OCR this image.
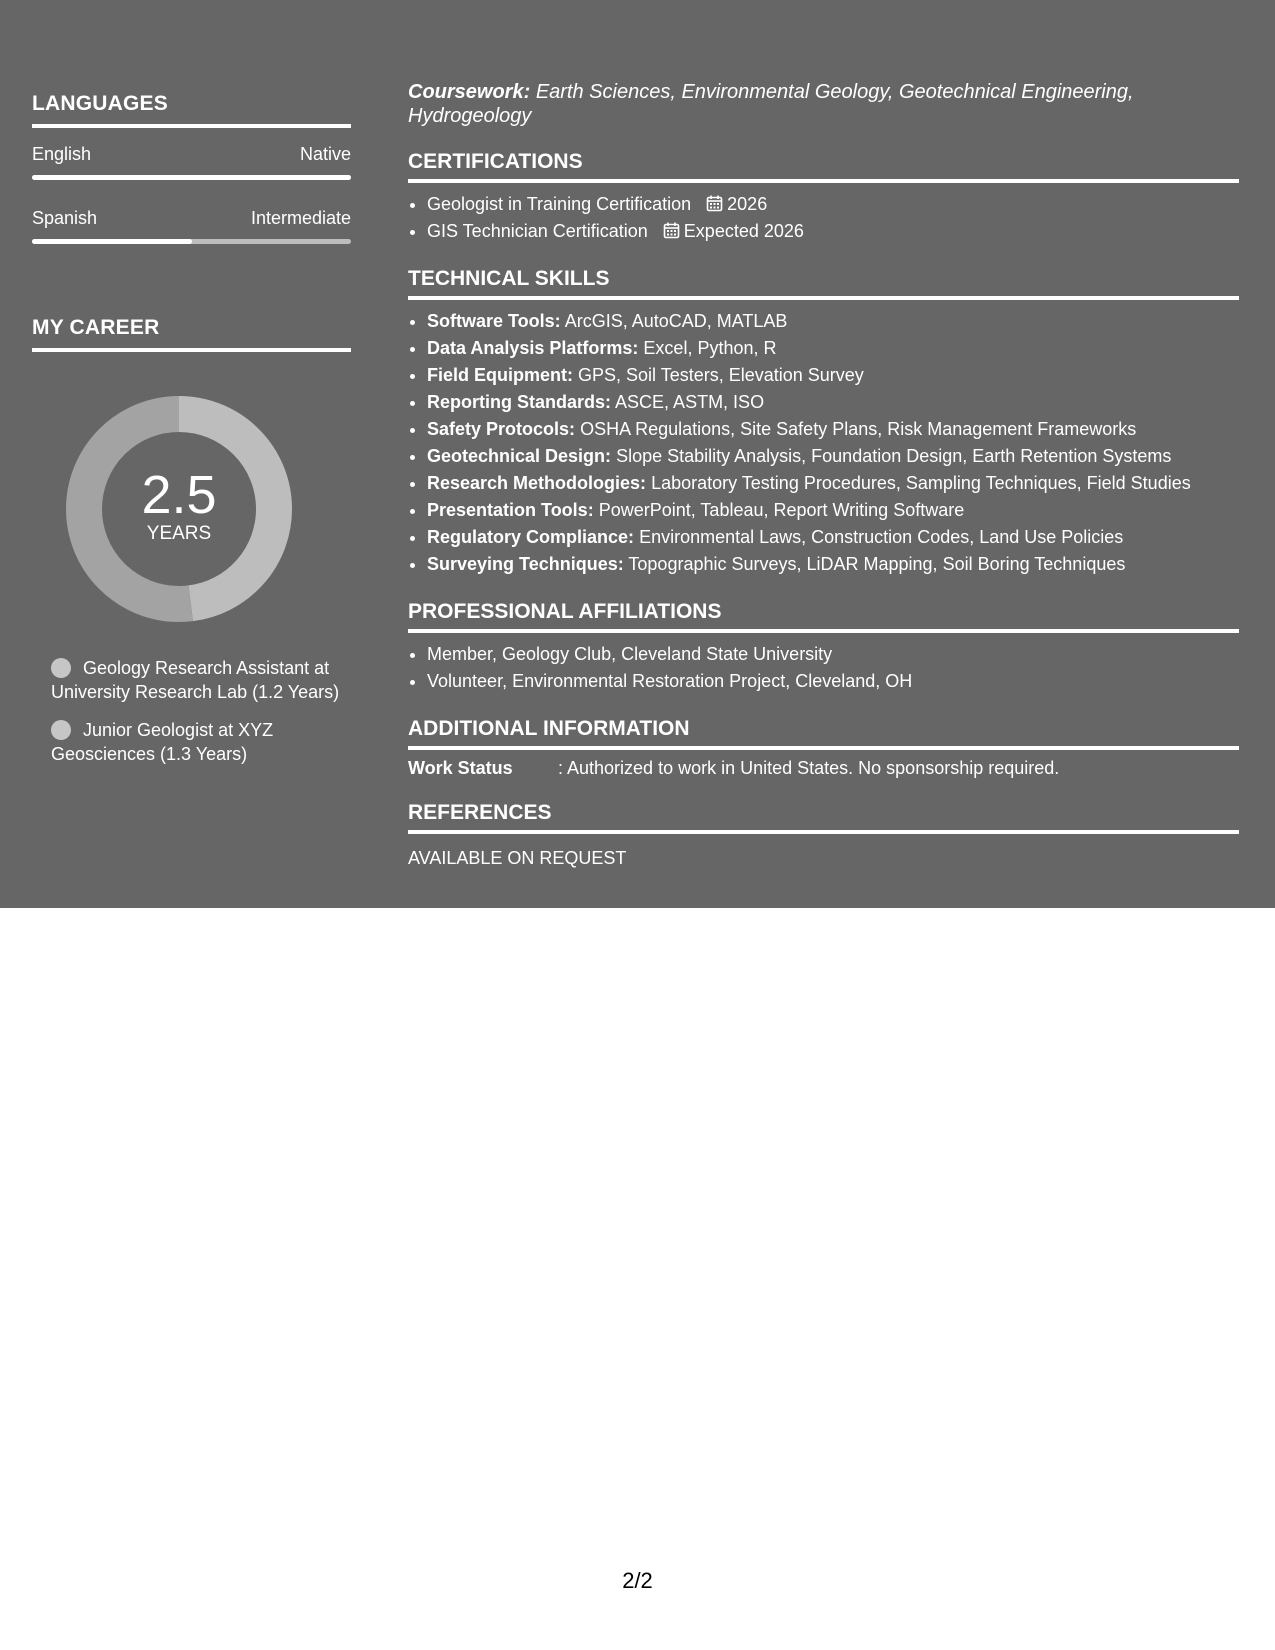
LANGUAGES
English	Native
Spanish	Intermediate
MY CAREER
2.5
YEARS
Geology Research Assistant at University Research Lab (1.2 Years)
Junior Geologist at XYZ Geosciences (1.3 Years)
Coursework: Earth Sciences, Environmental Geology, Geotechnical Engineering, Hydrogeology
CERTIFICATIONS
• Geologist in Training Certification 2026
• GIS Technician Certification Expected 2026
TECHNICAL SKILLS
• Software Tools: ArcGIS, AutoCAD, MATLAB
• Data Analysis Platforms: Excel, Python, R
• Field Equipment: GPS, Soil Testers, Elevation Survey
• Reporting Standards: ASCE, ASTM, ISO
• Safety Protocols: OSHA Regulations, Site Safety Plans, Risk Management Frameworks
• Geotechnical Design: Slope Stability Analysis, Foundation Design, Earth Retention Systems
• Research Methodologies: Laboratory Testing Procedures, Sampling Techniques, Field Studies
• Presentation Tools: PowerPoint, Tableau, Report Writing Software
• Regulatory Compliance: Environmental Laws, Construction Codes, Land Use Policies
• Surveying Techniques: Topographic Surveys, LiDAR Mapping, Soil Boring Techniques
PROFESSIONAL AFFILIATIONS
• Member, Geology Club, Cleveland State University
• Volunteer, Environmental Restoration Project, Cleveland, OH
ADDITIONAL INFORMATION
Work Status	: Authorized to work in United States. No sponsorship required.
REFERENCES
AVAILABLE ON REQUEST
2/2
